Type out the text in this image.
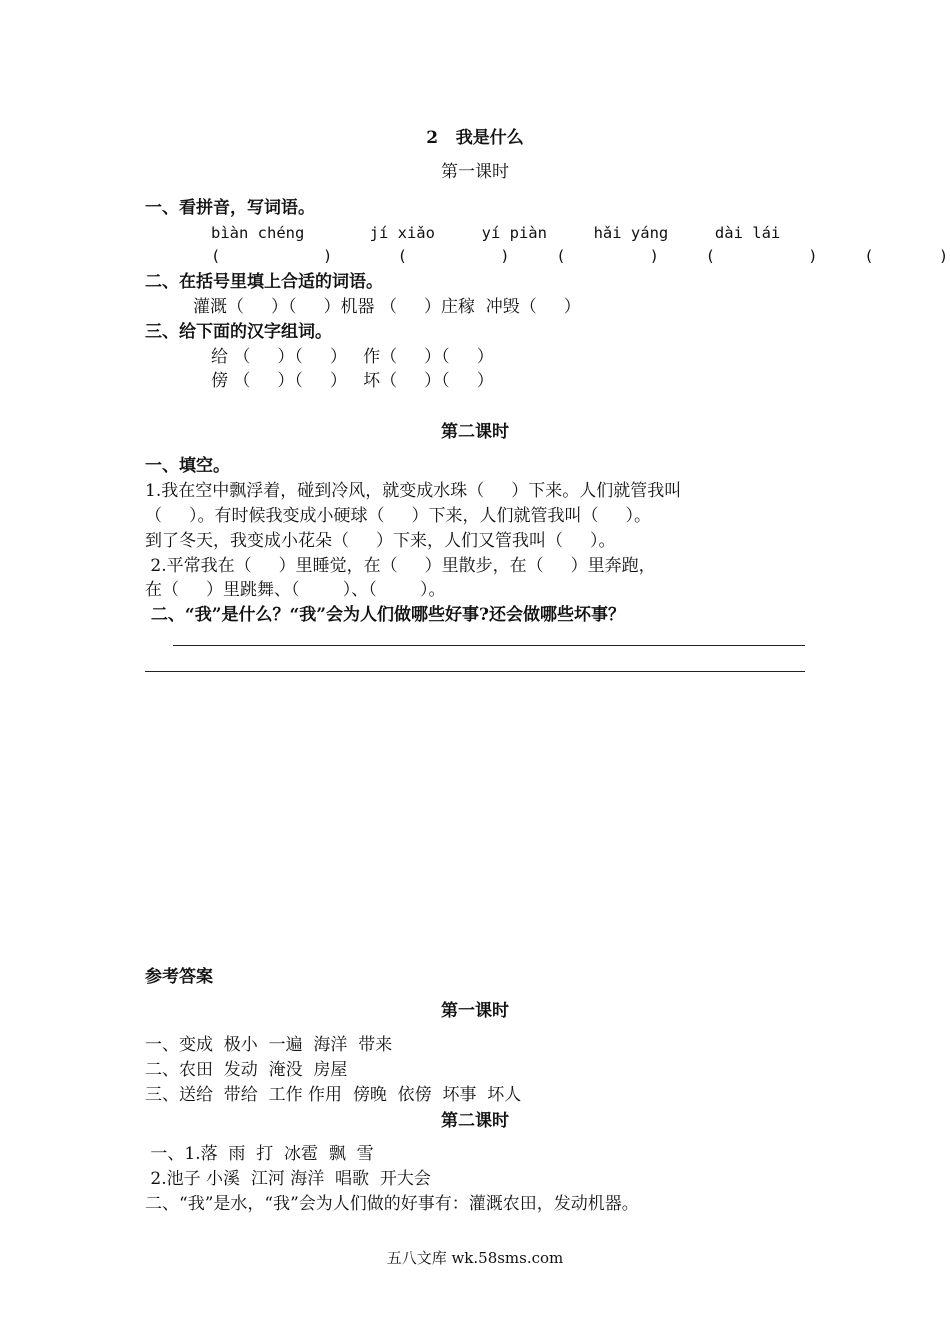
2   我是什么
第一课时
一、看拼音，写词语。
bìàn chéng       jí xiǎo     yí piàn     hǎi yáng     dài lái
(           )       (          )     (         )     (          )     (       )
二、在括号里填上合适的词语。
灌溉（     ）（     ）机器 （     ）庄稼  冲毁（     ）
三、给下面的汉字组词。
给 （     ）（     ）   作（     ）（     ）
傍 （     ）（     ）   坏（     ）（     ）
第二课时
一、填空。
1.我在空中飘浮着，碰到冷风，就变成水珠（     ）下来。人们就管我叫
（     ）。有时候我变成小硬球（     ）下来，人们就管我叫（     ）。
到了冬天，我变成小花朵（     ）下来，人们又管我叫（     ）。
2.平常我在（     ）里睡觉，在（     ）里散步，在（     ）里奔跑，
在（     ）里跳舞、（        ）、（        ）。
二、“我”是什么？“我”会为人们做哪些好事?还会做哪些坏事？
参考答案
第一课时
一、变成  极小  一遍  海洋  带来
二、农田  发动  淹没  房屋
三、送给  带给  工作 作用  傍晚  依傍  坏事  坏人
第二课时
一、1.落  雨  打  冰雹  飘  雪
2.池子 小溪  江河 海洋  唱歌  开大会
二、“我”是水，“我”会为人们做的好事有：灌溉农田，发动机器。
五八文库 wk.58sms.com
